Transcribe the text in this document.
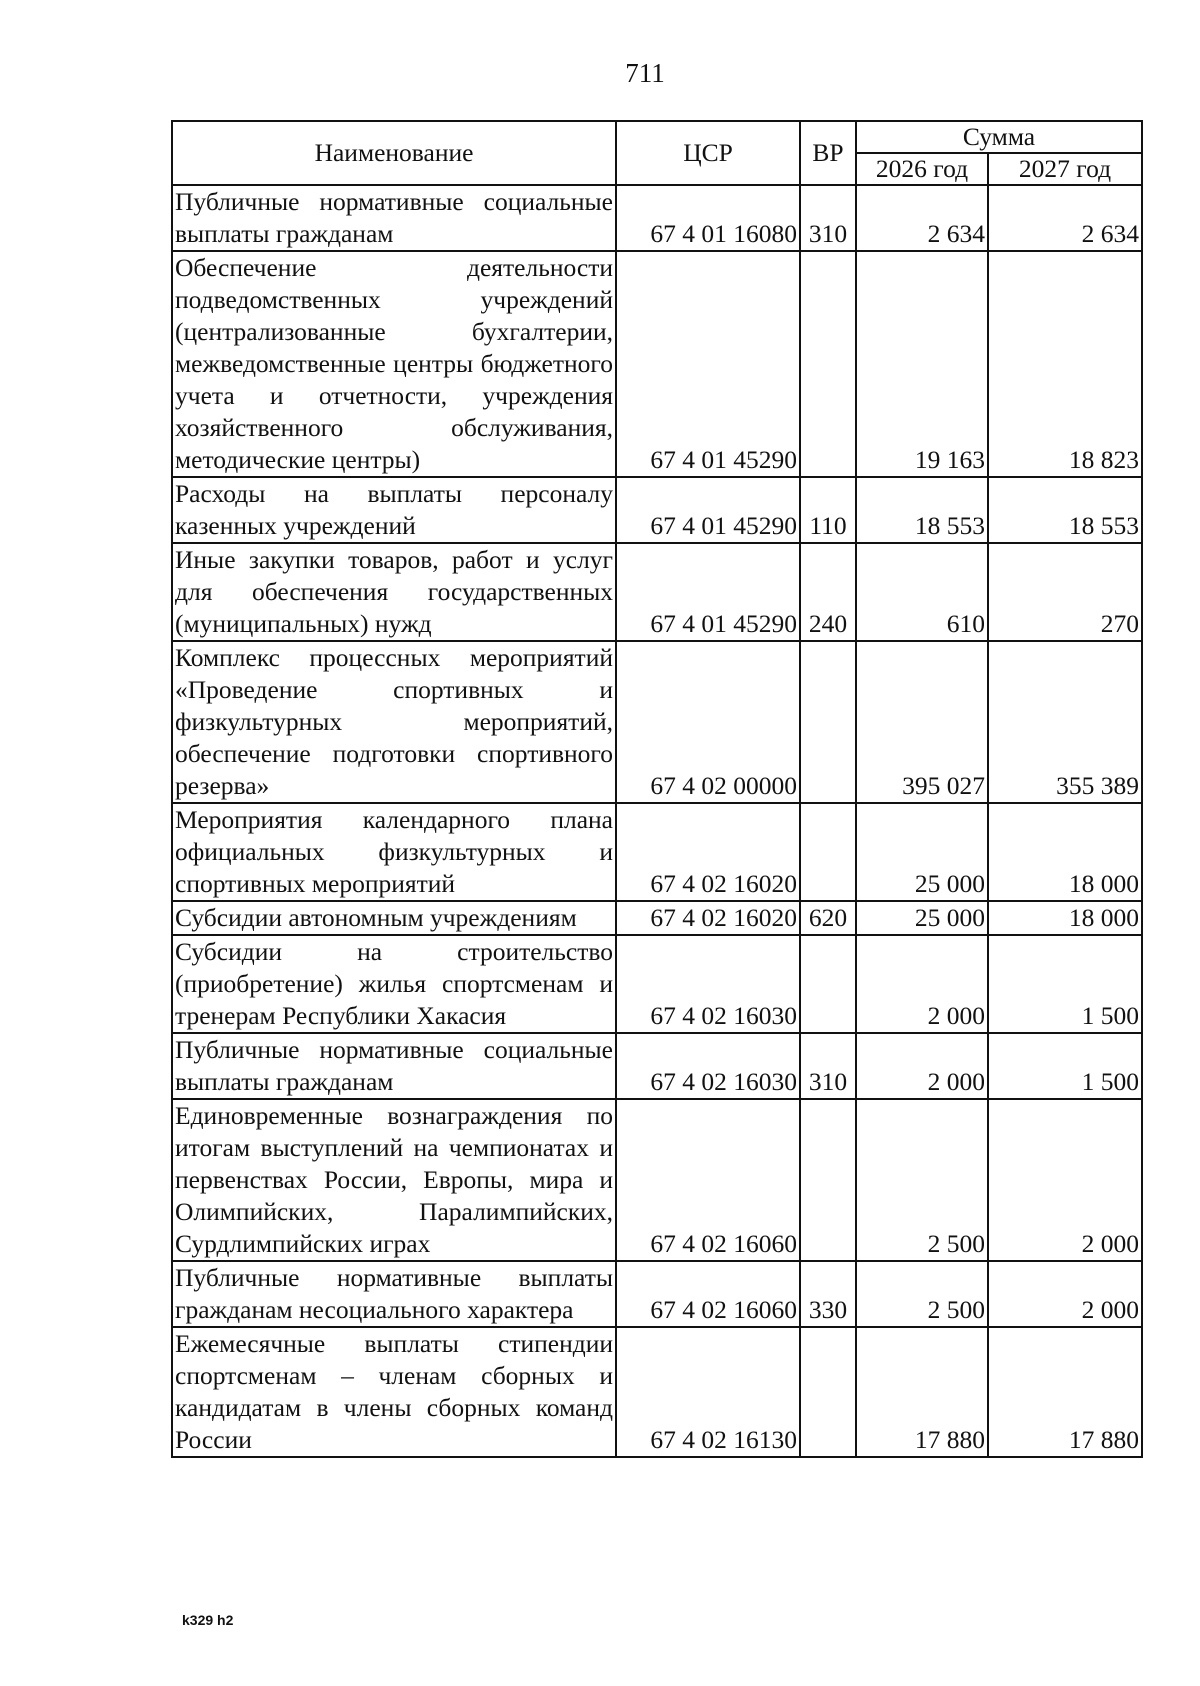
711
Наименование	ЦСР	ВР	Сумма	
			2026 год	2027 год
Публичные нормативные социальные выплаты гражданам	67 4 01 16080	310	2 634	2 634
Обеспечение деятельности подведомственных учреждений (централизованные бухгалтерии, межведомственные центры бюджетного учета и отчетности, учреждения хозяйственного обслуживания, методические центры)	67 4 01 45290		19 163	18 823
Расходы на выплаты персоналу казенных учреждений	67 4 01 45290	110	18 553	18 553
Иные закупки товаров, работ и услуг для обеспечения государственных (муниципальных) нужд	67 4 01 45290	240	610	270
Комплекс процессных мероприятий «Проведение спортивных и физкультурных мероприятий, обеспечение подготовки спортивного резерва»	67 4 02 00000		395 027	355 389
Мероприятия календарного плана официальных физкультурных и спортивных мероприятий	67 4 02 16020		25 000	18 000
Субсидии автономным учреждениям	67 4 02 16020	620	25 000	18 000
Субсидии на строительство (приобретение) жилья спортсменам и тренерам Республики Хакасия	67 4 02 16030		2 000	1 500
Публичные нормативные социальные выплаты гражданам	67 4 02 16030	310	2 000	1 500
Единовременные вознаграждения по итогам выступлений на чемпионатах и первенствах России, Европы, мира и Олимпийских, Паралимпийских, Сурдлимпийских играх	67 4 02 16060		2 500	2 000
Публичные нормативные выплаты гражданам несоциального характера	67 4 02 16060	330	2 500	2 000
Ежемесячные выплаты стипендии спортсменам – членам сборных и кандидатам в члены сборных команд России	67 4 02 16130		17 880	17 880
k329 h2
